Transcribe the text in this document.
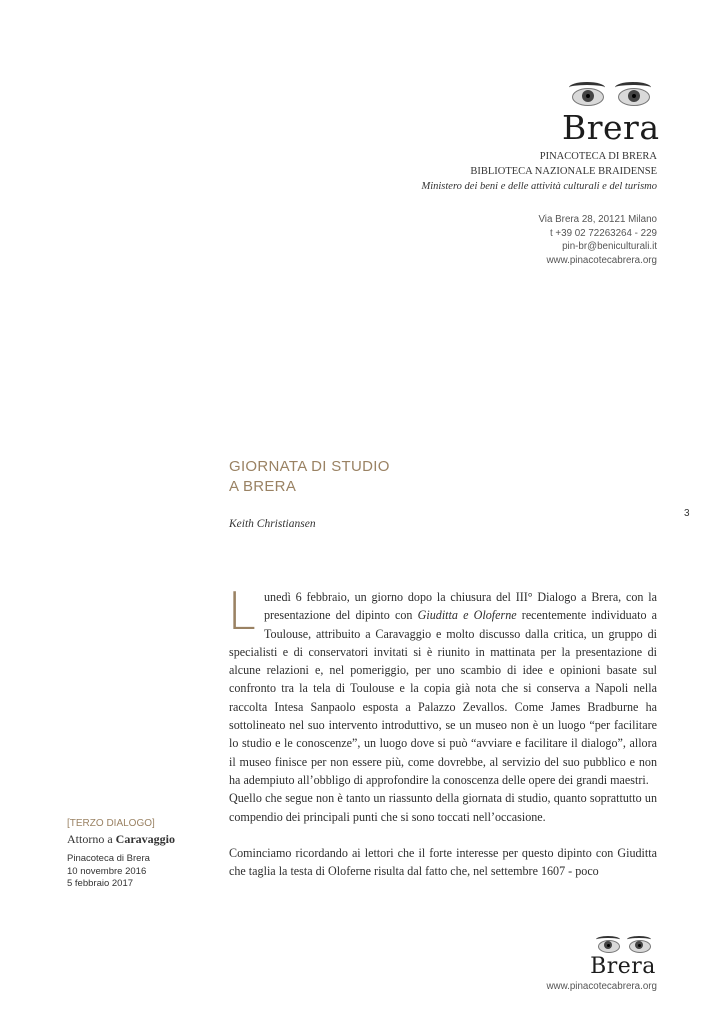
Brera
PINACOTECA DI BRERA
BIBLIOTECA NAZIONALE BRAIDENSE
Ministero dei beni e delle attività culturali e del turismo
Via Brera 28, 20121 Milano
t +39 02 72263264 - 229
pin-br@beniculturali.it
www.pinacotecabrera.org
GIORNATA DI STUDIO
A BRERA
Keith Christiansen
3

Lunedì 6 febbraio, un giorno dopo la chiusura del III° Dialogo a Brera, con la presentazione del dipinto con Giuditta e Oloferne recentemente individuato a Toulouse, attribuito a Caravaggio e molto discusso dalla critica, un gruppo di specialisti e di conservatori invitati si è riunito in mattinata per la presentazione di alcune relazioni e, nel pomeriggio, per uno scambio di idee e opinioni basate sul confronto tra la tela di Toulouse e la copia già nota che si conserva a Napoli nella raccolta Intesa Sanpaolo esposta a Palazzo Zevallos. Come James Bradburne ha sottolineato nel suo intervento introduttivo, se un museo non è un luogo “per facilitare lo studio e le conoscenze”, un luogo dove si può “avviare e facilitare il dialogo”, allora il museo finisce per non essere più, come dovrebbe, al servizio del suo pubblico e non ha adempiuto all’obbligo di approfondire la conoscenza delle opere dei grandi maestri.

Quello che segue non è tanto un riassunto della giornata di studio, quanto soprattutto un compendio dei principali punti che si sono toccati nell’occasione.

Cominciamo ricordando ai lettori che il forte interesse per questo dipinto con Giuditta che taglia la testa di Oloferne risulta dal fatto che, nel settembre 1607 - poco

[TERZO DIALOGO]
Attorno a Caravaggio
Pinacoteca di Brera
10 novembre 2016
5 febbraio 2017
Brera
www.pinacotecabrera.org
